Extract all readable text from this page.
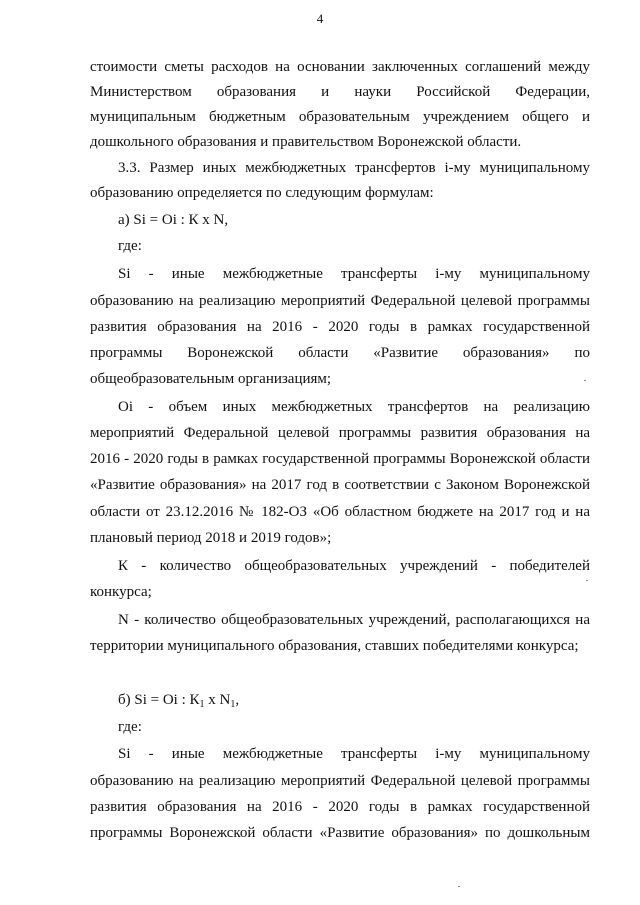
4
стоимости сметы расходов на основании заключенных соглашений между
Министерством образования и науки Российской Федерации,
муниципальным бюджетным образовательным учреждением общего и
дошкольного образования и правительством Воронежской области.
3.3. Размер иных межбюджетных трансфертов i-му муниципальному
образованию определяется по следующим формулам:
а) Si = Oi : К х N,
где:
Si - иные межбюджетные трансферты i-му муниципальному
образованию на реализацию мероприятий Федеральной целевой программы
развития образования на 2016 - 2020 годы в рамках государственной
программы Воронежской области «Развитие образования» по
общеобразовательным организациям;
Oi - объем иных межбюджетных трансфертов на реализацию
мероприятий Федеральной целевой программы развития образования на
2016 - 2020 годы в рамках государственной программы Воронежской области
«Развитие образования» на 2017 год в соответствии с Законом Воронежской
области от 23.12.2016 № 182-ОЗ «Об областном бюджете на 2017 год и на
плановый период 2018 и 2019 годов»;
К - количество общеобразовательных учреждений - победителей
конкурса;
N - количество общеобразовательных учреждений, располагающихся на
территории муниципального образования, ставших победителями конкурса;
б) Si = Oi : $К_1$ х $N_1$,
где:
Si - иные межбюджетные трансферты i-му муниципальному
образованию на реализацию мероприятий Федеральной целевой программы
развития образования на 2016 - 2020 годы в рамках государственной
программы Воронежской области «Развитие образования» по дошкольным
